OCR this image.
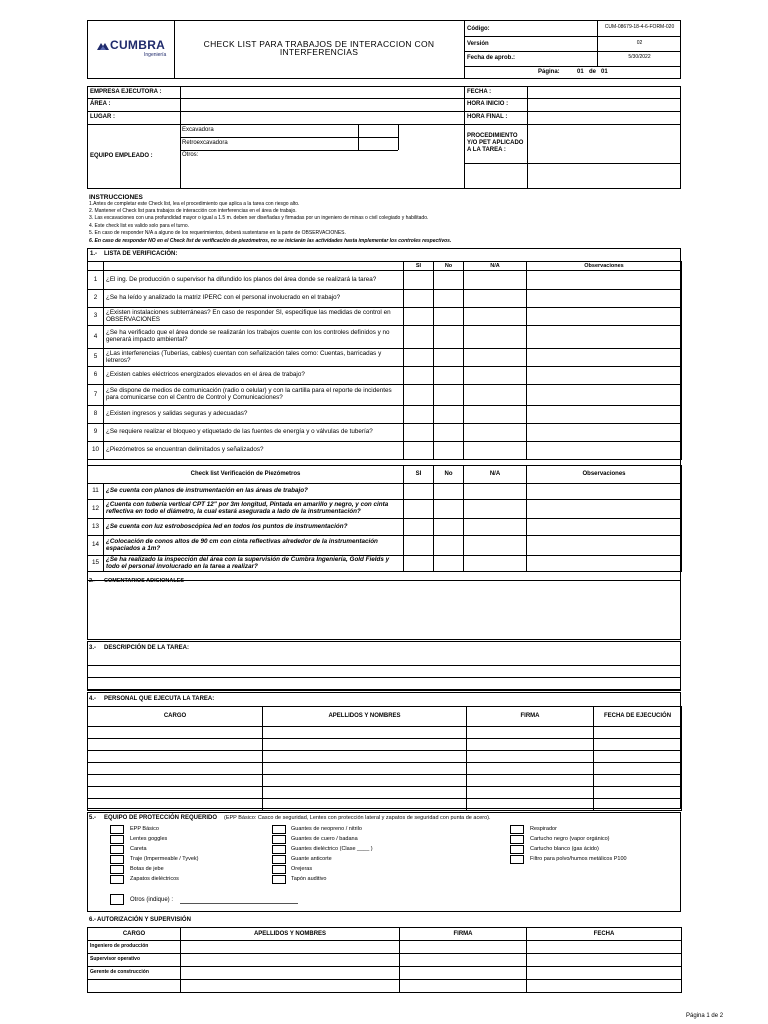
CUMBRA
Ingeniería
CHECK LIST PARA TRABAJOS DE INTERACCION CON
INTERFERENCIAS
Código:	CUM-08679-18-4-6-FORM-020
Versión	02
Fecha de aprob.:	5/30/2022
Página:	01 de 01
EMPRESA EJECUTORA :
ÁREA :
LUGAR :
EQUIPO EMPLEADO :
Excavadora
Retroexcavadora
Otros:
FECHA :
HORA INICIO :
HORA FINAL :
PROCEDIMIENTO
Y/O PET APLICADO
A LA TAREA :
INSTRUCCIONES
1.Antes de completar este Check list, lea el procedimiento que aplica a la tarea con riesgo alto.
2. Mantener el Check list para trabajos de interacción con interferencias en el área de trabajo.
3. Las excavaciones con una profundidad mayor o igual a 1.5 m. deben ser diseñadas y firmadas por un ingeniero de minas o civil colegiado y habilitado.
4. Este check list es valido solo para el turno.
5. En caso de responder N/A a alguno de los requerimientos, deberá sustentarse en la parte de OBSERVACIONES.
6. En caso de responder NO en el Check list de verificación de piezómetros, no se iniciarán las actividades hasta implementar los controles respectivos.
1.- LISTA DE VERIFICACIÓN:
		SI	No	N/A	Observaciones
1	¿El ing. De producción o supervisor ha difundido los planos del área donde se realizará la tarea?				
2	¿Se ha leído y analizado la matriz IPERC con el personal involucrado en el trabajo?				
3	¿Existen instalaciones subterráneas? En caso de responder SI, especifique las medidas de control en OBSERVACIONES				
4	¿Se ha verificado que el área donde se realizarán los trabajos cuente con los controles definidos y no generará impacto ambiental?				
5	¿Las interferencias (Tuberías, cables) cuentan con señalización tales como: Cuentas, barricadas y letreros?				
6	¿Existen cables eléctricos energizados elevados en el área de trabajo?				
7	¿Se dispone de medios de comunicación (radio o celular) y con la cartilla para el reporte de incidentes para comunicarse con el Centro de Control y Comunicaciones?				
8	¿Existen ingresos y salidas seguras y adecuadas?				
9	¿Se requiere realizar el bloqueo y etiquetado de las fuentes de energía y o válvulas de tubería?				
10	¿Piezómetros se encuentran delimitados y señalizados?				
Check list Verificación de Piezómetros		SI	No	N/A	Observaciones
11	¿Se cuenta con planos de instrumentación en las áreas de trabajo?				
12	¿Cuenta con tubería vertical CPT 12" por 3m longitud, Pintada en amarillo y negro, y con cinta reflectiva en todo el diámetro, la cual estará asegurada a lado de la instrumentación?				
13	¿Se cuenta con luz estroboscópica led en todos los puntos de instrumentación?				
14	¿Colocación de conos altos de 90 cm con cinta reflectivas alrededor de la instrumentación espaciados a 1m?				
15	¿Se ha realizado la inspección del área con la supervisión de Cumbra Ingeniería, Gold Fields y todo el personal involucrado en la tarea a realizar?				
2.- COMENTARIOS ADICIONALES
3.- DESCRIPCIÓN DE LA TAREA:
4.- PERSONAL QUE EJECUTA LA TAREA:
CARGO	APELLIDOS Y NOMBRES	FIRMA	FECHA DE EJECUCIÓN

5.- EQUIPO DE PROTECCIÓN REQUERIDO (EPP Básico: Casco de seguridad, Lentes con protección lateral y zapatos de seguridad con punta de acero).
EPP Básico
Lentes goggles
Careta
Traje (Impermeable / Tyvek)
Botas de jebe
Zapatos dieléctricos
Guantes de neopreno / nitrilo
Guantes de cuero / badana
Guantes dieléctrico (Clase ____ )
Guante anticorte
Orejeras
Tapón auditivo
Respirador
Cartucho negro (vapor orgánico)
Cartucho blanco (gas ácido)
Filtro para polvo/humos metálicos P100
Otros (indique) :
6.- AUTORIZACIÓN Y SUPERVISIÓN
CARGO	APELLIDOS Y NOMBRES	FIRMA	FECHA
Ingeniero de producción			
Supervisor operativo			
Gerente de construcción			

Página 1 de 2
